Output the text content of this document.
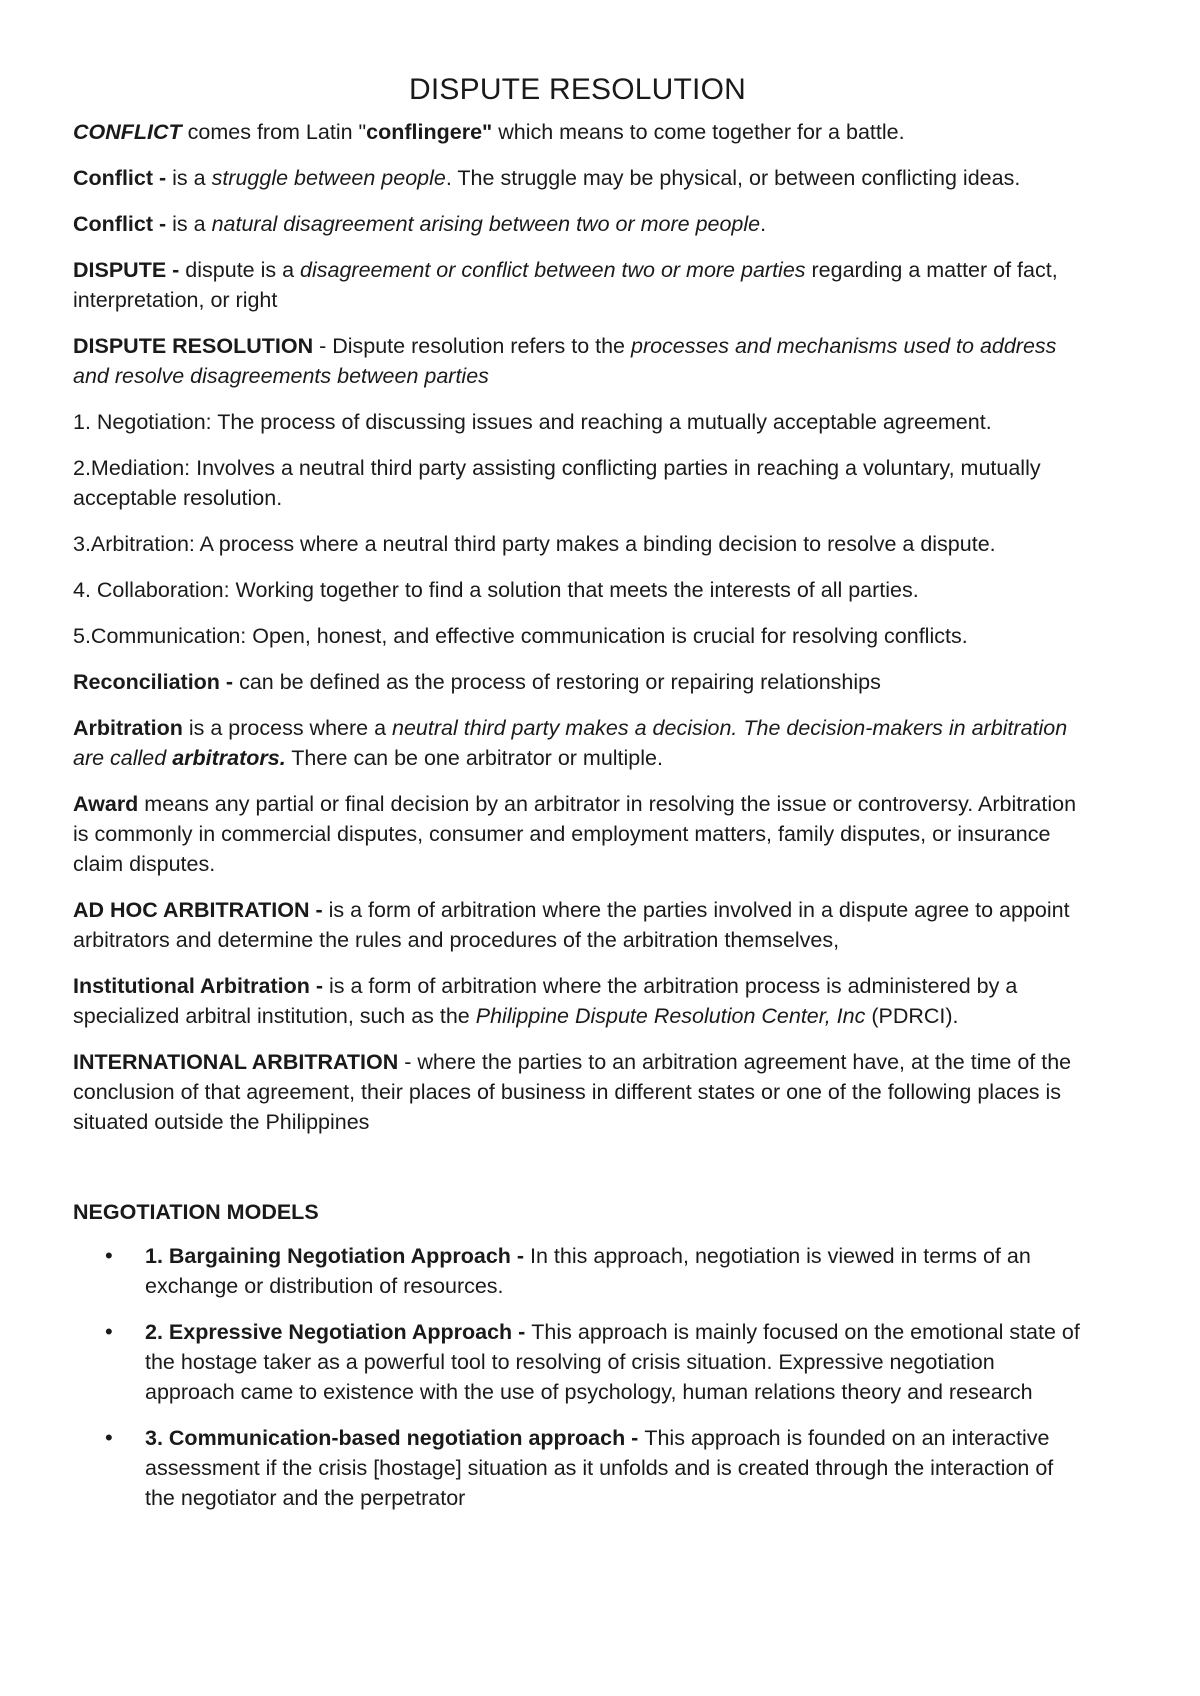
DISPUTE RESOLUTION

CONFLICT comes from Latin "conflingere" which means to come together for a battle.

Conflict - is a struggle between people. The struggle may be physical, or between conflicting ideas.

Conflict - is a natural disagreement arising between two or more people.

DISPUTE - dispute is a disagreement or conflict between two or more parties regarding a matter of fact, interpretation, or right

DISPUTE RESOLUTION - Dispute resolution refers to the processes and mechanisms used to address and resolve disagreements between parties

1. Negotiation: The process of discussing issues and reaching a mutually acceptable agreement.

2.Mediation: Involves a neutral third party assisting conflicting parties in reaching a voluntary, mutually acceptable resolution.

3.Arbitration: A process where a neutral third party makes a binding decision to resolve a dispute.

4. Collaboration: Working together to find a solution that meets the interests of all parties.

5.Communication: Open, honest, and effective communication is crucial for resolving conflicts.

Reconciliation - can be defined as the process of restoring or repairing relationships

Arbitration is a process where a neutral third party makes a decision. The decision-makers in arbitration are called arbitrators. There can be one arbitrator or multiple.

Award means any partial or final decision by an arbitrator in resolving the issue or controversy. Arbitration is commonly in commercial disputes, consumer and employment matters, family disputes, or insurance claim disputes.

AD HOC ARBITRATION - is a form of arbitration where the parties involved in a dispute agree to appoint arbitrators and determine the rules and procedures of the arbitration themselves,

Institutional Arbitration - is a form of arbitration where the arbitration process is administered by a specialized arbitral institution, such as the Philippine Dispute Resolution Center, Inc (PDRCI).

INTERNATIONAL ARBITRATION - where the parties to an arbitration agreement have, at the time of the conclusion of that agreement, their places of business in different states or one of the following places is situated outside the Philippines

NEGOTIATION MODELS
• 1. Bargaining Negotiation Approach - In this approach, negotiation is viewed in terms of an exchange or distribution of resources.
• 2. Expressive Negotiation Approach - This approach is mainly focused on the emotional state of the hostage taker as a powerful tool to resolving of crisis situation. Expressive negotiation approach came to existence with the use of psychology, human relations theory and research
• 3. Communication-based negotiation approach - This approach is founded on an interactive assessment if the crisis [hostage] situation as it unfolds and is created through the interaction of the negotiator and the perpetrator
